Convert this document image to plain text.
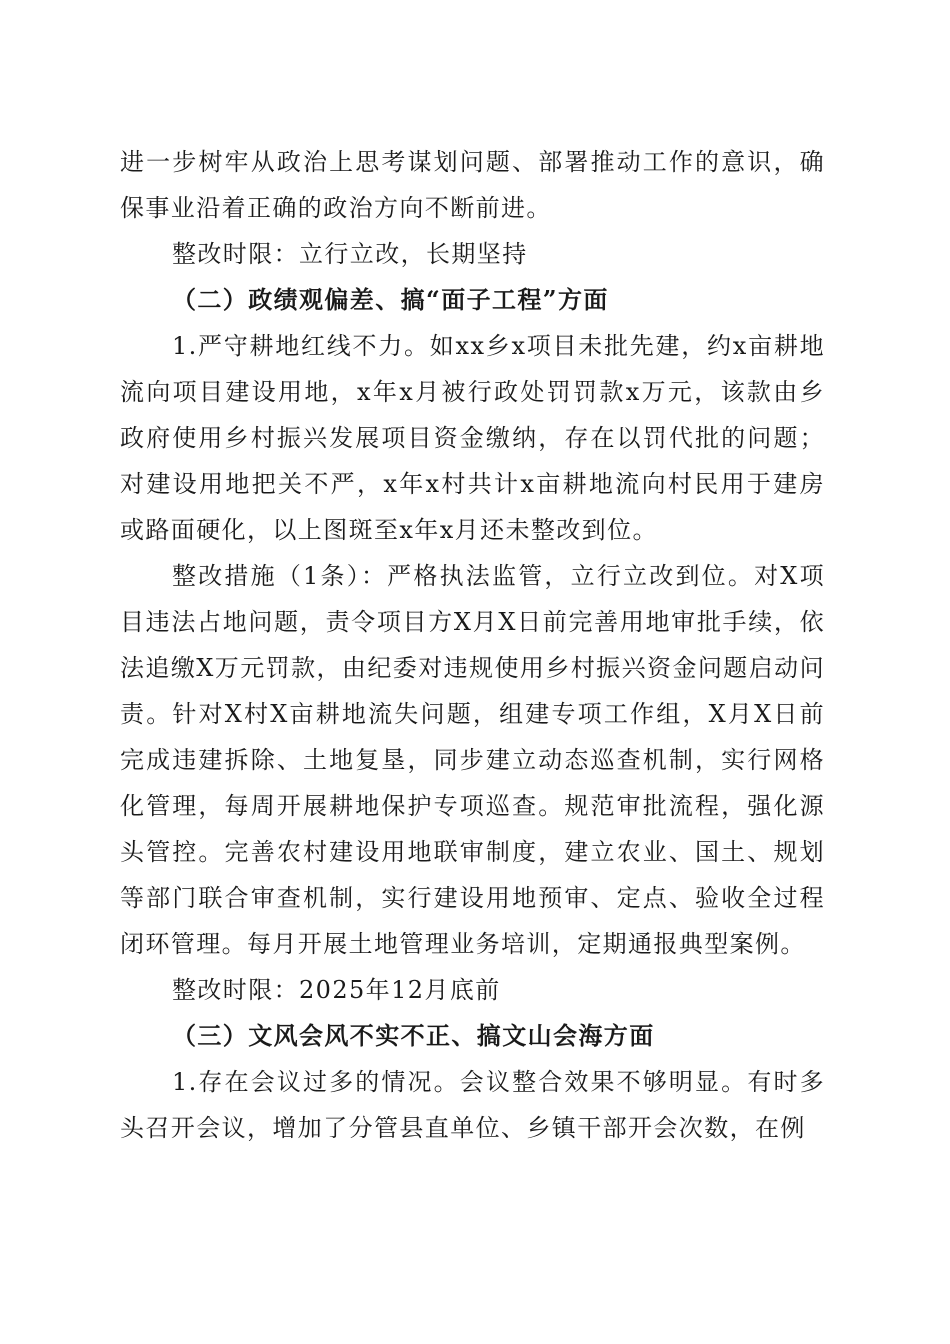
进一步树牢从政治上思考谋划问题、部署推动工作的意识，确保事业沿着正确的政治方向不断前进。

整改时限：立行立改，长期坚持

（二）政绩观偏差、搞“面子工程”方面

1.严守耕地红线不力。如xx乡x项目未批先建，约x亩耕地流向项目建设用地，x年x月被行政处罚罚款x万元，该款由乡政府使用乡村振兴发展项目资金缴纳，存在以罚代批的问题；对建设用地把关不严，x年x村共计x亩耕地流向村民用于建房或路面硬化，以上图斑至x年x月还未整改到位。

整改措施（1条）：严格执法监管，立行立改到位。对X项目违法占地问题，责令项目方X月X日前完善用地审批手续，依法追缴X万元罚款，由纪委对违规使用乡村振兴资金问题启动问责。针对X村X亩耕地流失问题，组建专项工作组，X月X日前完成违建拆除、土地复垦，同步建立动态巡查机制，实行网格化管理，每周开展耕地保护专项巡查。规范审批流程，强化源头管控。完善农村建设用地联审制度，建立农业、国土、规划等部门联合审查机制，实行建设用地预审、定点、验收全过程闭环管理。每月开展土地管理业务培训，定期通报典型案例。

整改时限：2025年12月底前

（三）文风会风不实不正、搞文山会海方面

1.存在会议过多的情况。会议整合效果不够明显。有时多头召开会议，增加了分管县直单位、乡镇干部开会次数，在例
